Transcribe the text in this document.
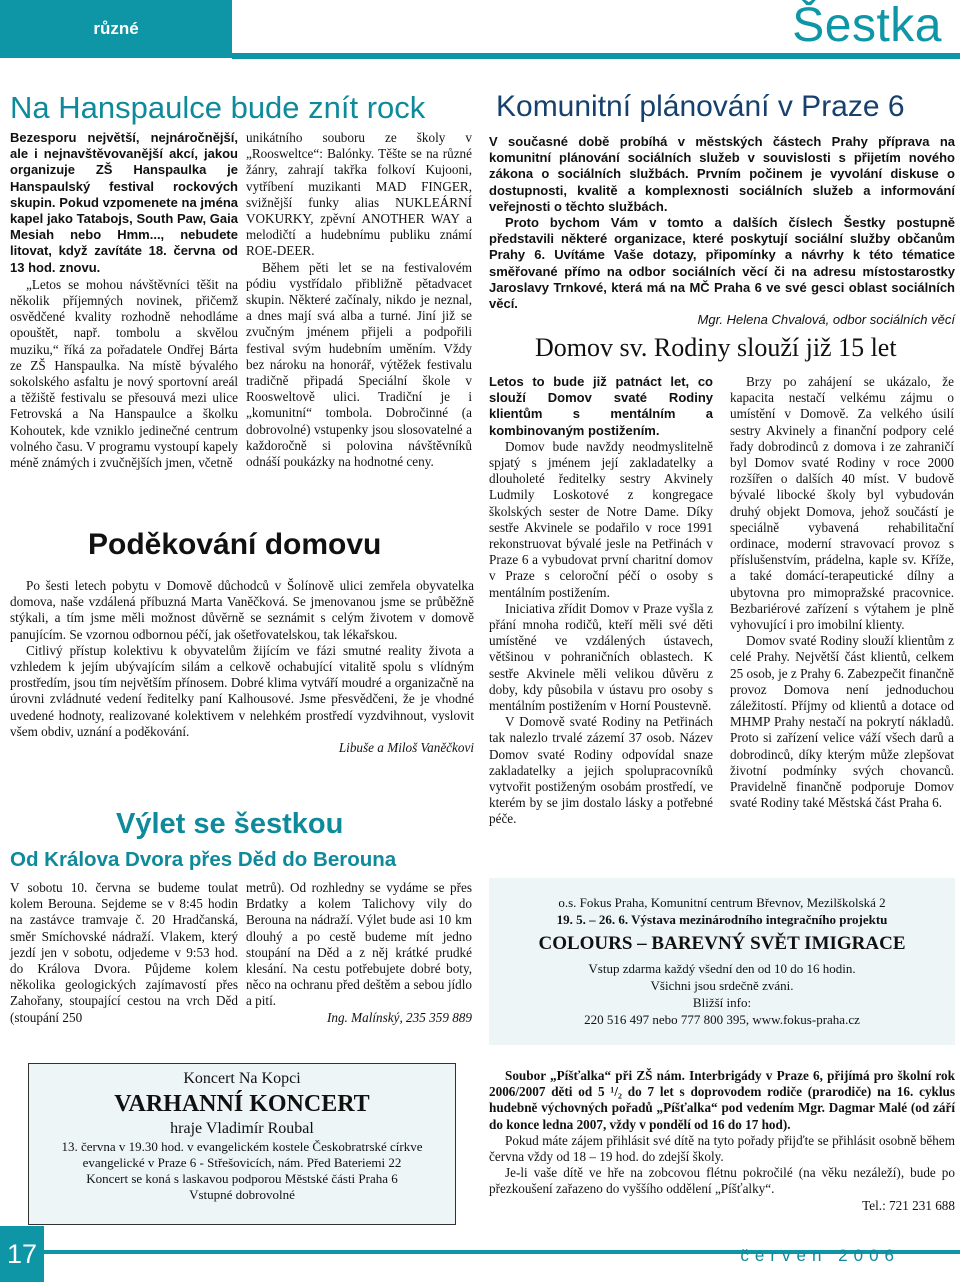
různé	Šestka
Na Hanspaulce bude znít rock

Bezesporu největší, nejnáročnější, ale i nejnavštěvovanější akcí, jakou organizuje ZŠ Hanspaulka je Hanspaulský festival rockových skupin. Pokud vzpomenete na jména kapel jako Tatabojs, South Paw, Gaia Mesiah nebo Hmm..., nebudete litovat, když zavítáte 18. června od 13 hod. znovu.

„Letos se mohou návštěvníci těšit na několik příjemných novinek, přičemž osvědčené kvality rozhodně nehodláme opouštět, např. tombolu a skvělou muziku,“ říká za pořadatele Ondřej Bárta ze ZŠ Hanspaulka. Na místě bývalého sokolského asfaltu je nový sportovní areál a těžiště festivalu se přesouvá mezi ulice Fetrovská a Na Hanspaulce a školku Kohoutek, kde vzniklo jedinečné centrum volného času. V programu vystoupí kapely méně známých i zvučnějších jmen, včetně

unikátního souboru ze školy v „Roosweltce“: Balónky. Těšte se na různé žánry, zahrají takřka folkoví Kujooni, vytříbení muzikanti MAD FINGER, svižnější funky alias NUKLEÁRNÍ VOKURKY, zpěvní ANOTHER WAY a melodičtí a hudebnímu publiku známí ROE-DEER.

Během pěti let se na festivalovém pódiu vystřídalo přibližně pětadvacet skupin. Některé začínaly, nikdo je neznal, a dnes mají svá alba a turné. Jiní již se zvučným jménem přijeli a podpořili festival svým hudebním uměním. Vždy bez nároku na honorář, výtěžek festivalu tradičně připadá Speciální škole v Roosweltově ulici. Tradiční je i „komunitní“ tombola. Dobročinné (a dobrovolné) vstupenky jsou slosovatelné a každoročně si polovina návštěvníků odnáší poukázky na hodnotné ceny.

Komunitní plánování v Praze 6

V současné době probíhá v městských částech Prahy příprava na komunitní plánování sociálních služeb v souvislosti s přijetím nového zákona o sociálních službách. Prvním počinem je vyvolání diskuse o dostupnosti, kvalitě a komplexnosti sociálních služeb a informování veřejnosti o těchto službách.

Proto bychom Vám v tomto a dalších číslech Šestky postupně představili některé organizace, které poskytují sociální služby občanům Prahy 6. Uvítáme Vaše dotazy, připomínky a návrhy k této tématice směřované přímo na odbor sociálních věcí či na adresu místostarostky Jaroslavy Trnkové, která má na MČ Praha 6 ve své gesci oblast sociálních věcí.

Mgr. Helena Chvalová, odbor sociálních věcí

Domov sv. Rodiny slouží již 15 let

Letos to bude již patnáct let, co slouží Domov svaté Rodiny klientům s mentálním a kombinovaným postižením.

Domov bude navždy neodmyslitelně spjatý s jménem její zakladatelky a dlouholeté ředitelky sestry Akvinely Ludmily Loskotové z kongregace školských sester de Notre Dame. Díky sestře Akvinele se podařilo v roce 1991 rekonstruovat bývalé jesle na Petřinách v Praze 6 a vybudovat první charitní domov v Praze s celoroční péčí o osoby s mentálním postižením.

Iniciativa zřídit Domov v Praze vyšla z přání mnoha rodičů, kteří měli své děti umístěné ve vzdálených ústavech, většinou v pohraničních oblastech. K sestře Akvinele měli velikou důvěru z doby, kdy působila v ústavu pro osoby s mentálním postižením v Horní Poustevně.

V Domově svaté Rodiny na Petřinách tak nalezlo trvalé zázemí 37 osob. Název Domov svaté Rodiny odpovídal snaze zakladatelky a jejich spolupracovníků vytvořit postiženým osobám prostředí, ve kterém by se jim dostalo lásky a potřebné péče.

Brzy po zahájení se ukázalo, že kapacita nestačí velkému zájmu o umístění v Domově. Za velkého úsilí sestry Akvinely a finanční podpory celé řady dobrodinců z domova i ze zahraničí byl Domov svaté Rodiny v roce 2000 rozšířen o dalších 40 míst. V budově bývalé libocké školy byl vybudován druhý objekt Domova, jehož součástí je speciálně vybavená rehabilitační ordinace, moderní stravovací provoz s příslušenstvím, prádelna, kaple sv. Kříže, a také domácí-terapeutické dílny a ubytovna pro mimopražské pracovnice. Bezbariérové zařízení s výtahem je plně vyhovující i pro imobilní klienty.

Domov svaté Rodiny slouží klientům z celé Prahy. Největší část klientů, celkem 25 osob, je z Prahy 6. Zabezpečit finančně provoz Domova není jednoduchou záležitostí. Příjmy od klientů a dotace od MHMP Prahy nestačí na pokrytí nákladů. Proto si zařízení velice váží všech darů a dobrodinců, díky kterým může zlepšovat životní podmínky svých chovanců. Pravidelně finančně podporuje Domov svaté Rodiny také Městská část Praha 6.

Poděkování domovu

Po šesti letech pobytu v Domově důchodců v Šolínově ulici zemřela obyvatelka domova, naše vzdálená příbuzná Marta Vaněčková. Se jmenovanou jsme se průběžně stýkali, a tím jsme měli možnost důvěrně se seznámit s celým životem v domově panujícím. Se vzornou odbornou péčí, jak ošetřovatelskou, tak lékařskou.

Citlivý přístup kolektivu k obyvatelům žijícím ve fázi smutné reality života a vzhledem k jejím ubývajícím silám a celkově ochabující vitalitě spolu s vlídným prostředím, jsou tím největším přínosem. Dobré klima vytváří moudré a organizačně na úrovni zvládnuté vedení ředitelky paní Kalhousové. Jsme přesvědčeni, že je vhodné uvedené hodnoty, realizované kolektivem v nelehkém prostředí vyzdvihnout, vyslovit všem obdiv, uznání a poděkování.

Libuše a Miloš Vaněčkovi

Výlet se šestkou
Od Králova Dvora přes Děd do Berouna

V sobotu 10. června se budeme toulat kolem Berouna. Sejdeme se v 8:45 hodin na zastávce tramvaje č. 20 Hradčanská, směr Smíchovské nádraží. Vlakem, který jezdí jen v sobotu, odjedeme v 9:53 hod. do Králova Dvora. Půjdeme kolem několika geologických zajímavostí přes Zahořany, stoupající cestou na vrch Děd (stoupání 250

metrů). Od rozhledny se vydáme se přes Brdatky a kolem Talichovy vily do Berouna na nádraží. Výlet bude asi 10 km dlouhý a po cestě budeme mít jedno stoupání na Děd a z něj krátké prudké klesání. Na cestu potřebujete dobré boty, něco na ochranu před deštěm a sebou jídlo a pití.

Ing. Malínský, 235 359 889

o.s. Fokus Praha, Komunitní centrum Břevnov, Mezilškolská 2
19. 5. – 26. 6. Výstava mezinárodního integračního projektu
COLOURS – BAREVNÝ SVĚT IMIGRACE
Vstup zdarma každý všední den od 10 do 16 hodin.
Všichni jsou srdečně zváni.
Bližší info:
220 516 497 nebo 777 800 395, www.fokus-praha.cz
Koncert Na Kopci
VARHANNÍ KONCERT
hraje Vladimír Roubal
13. června v 19.30 hod. v evangelickém kostele Českobratrské církve evangelické v Praze 6 - Střešovicích, nám. Před Bateriemi 22
Koncert se koná s laskavou podporou Městské části Praha 6
Vstupné dobrovolné

Soubor „Píšťalka“ při ZŠ nám. Interbrigády v Praze 6, přijímá pro školní rok 2006/2007 děti od 5 ¹/₂ do 7 let s doprovodem rodiče (prarodiče) na 16. cyklus hudebně výchovných pořadů „Píšťalka“ pod vedením Mgr. Dagmar Malé (od září do konce ledna 2007, vždy v pondělí od 16 do 17 hod).

Pokud máte zájem přihlásit své dítě na tyto pořady přijďte se přihlásit osobně během června vždy od 18 – 19 hod. do zdejší školy.

Je-li vaše dítě ve hře na zobcovou flétnu pokročilé (na věku nezáleží), bude po přezkoušení zařazeno do vyššího oddělení „Píšťalky“.

Tel.: 721 231 688

17	červen 2006
